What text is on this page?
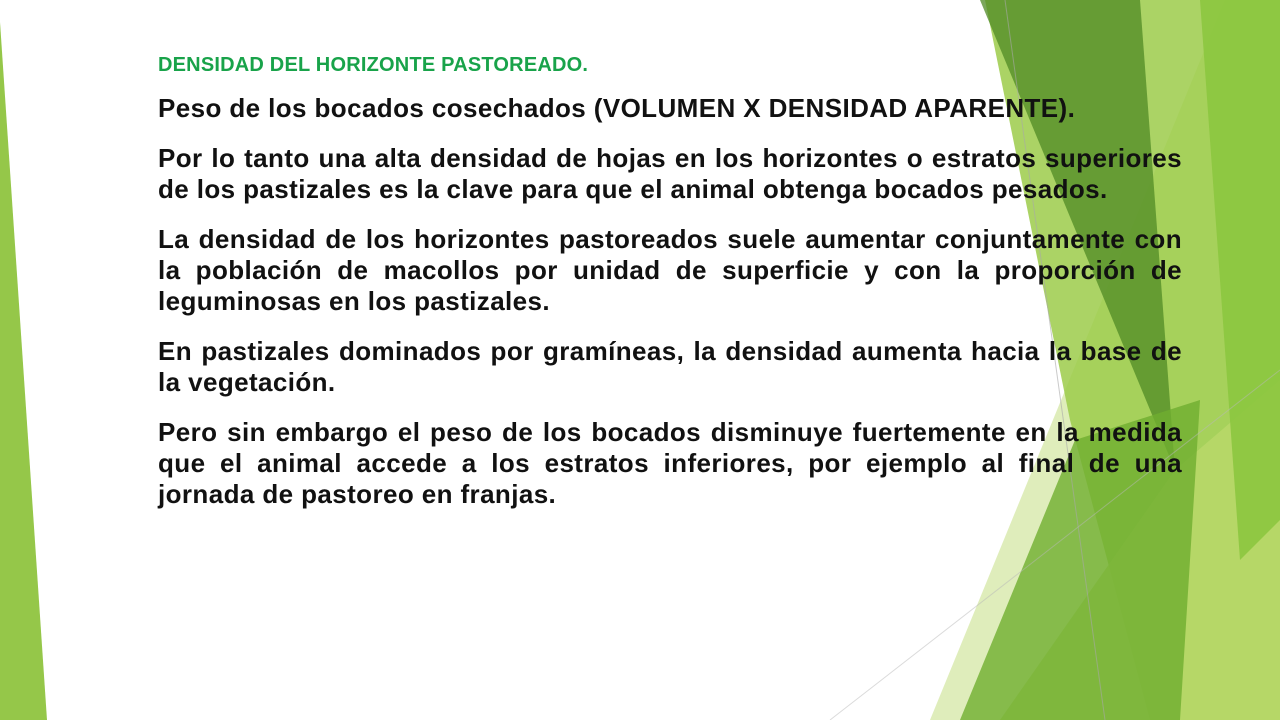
DENSIDAD DEL HORIZONTE PASTOREADO.

Peso de los bocados cosechados (VOLUMEN X DENSIDAD APARENTE).

Por lo tanto una alta densidad de hojas en los horizontes o estratos superiores de los pastizales es la clave para que el animal obtenga bocados pesados.

La densidad de los horizontes pastoreados suele aumentar conjuntamente con la población de macollos por unidad de superficie y con la proporción de leguminosas en los pastizales.

En pastizales dominados por gramíneas, la densidad aumenta hacia la base de la vegetación.

Pero sin embargo el peso de los bocados disminuye fuertemente en la medida que el animal accede a los estratos inferiores, por ejemplo al final de una jornada de pastoreo en franjas.
